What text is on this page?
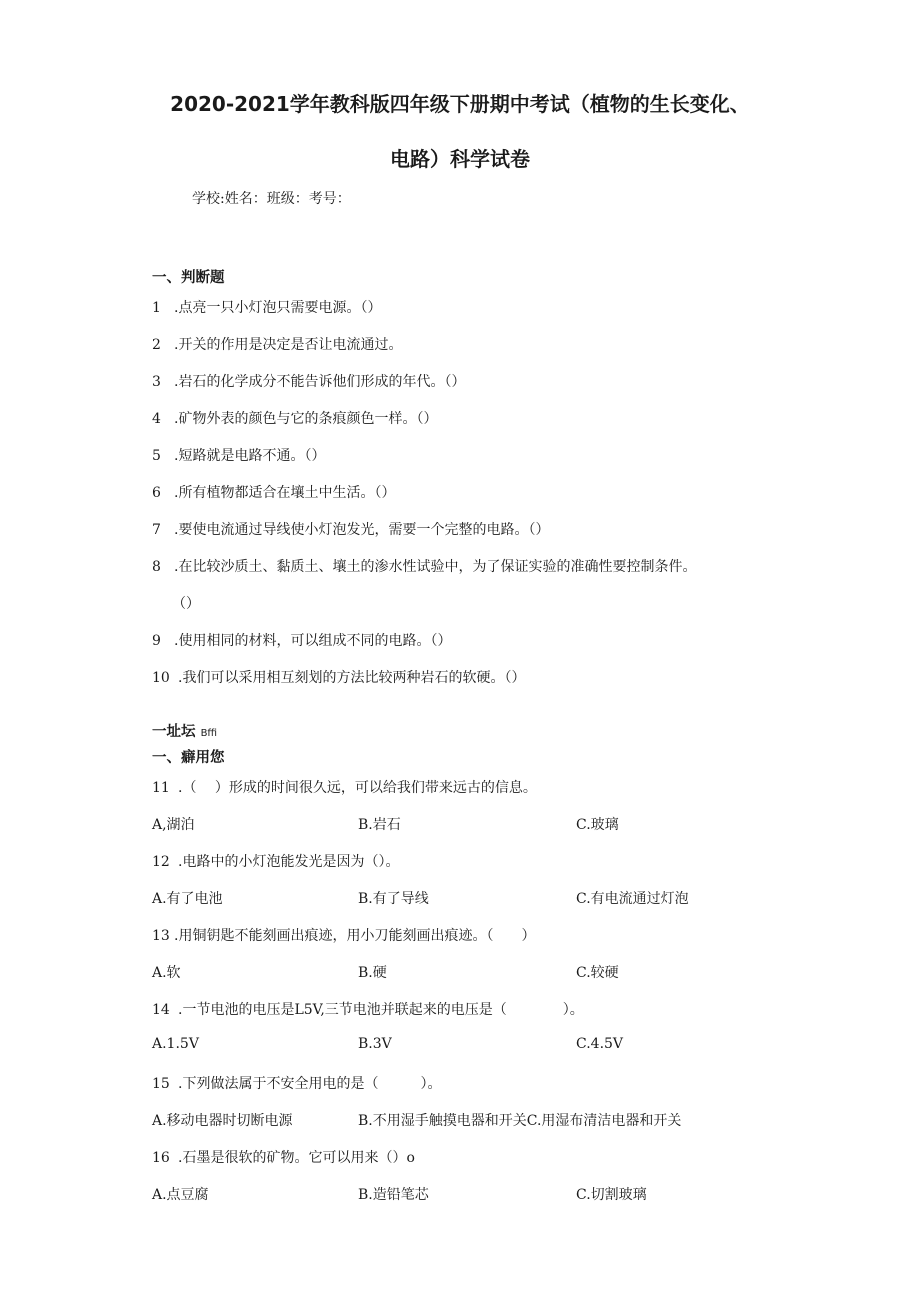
2020-2021学年教科版四年级下册期中考试（植物的生长变化、
电路）科学试卷
学校:姓名：班级：考号：
一、判断题
1 .点亮一只小灯泡只需要电源。（）
2 .开关的作用是决定是否让电流通过。
3 .岩石的化学成分不能告诉他们形成的年代。（）
4 .矿物外表的颜色与它的条痕颜色一样。（）
5 .短路就是电路不通。（）
6 .所有植物都适合在壤土中生活。（）
7 .要使电流通过导线使小灯泡发光，需要一个完整的电路。（）
8 .在比较沙质土、黏质土、壤土的渗水性试验中，为了保证实验的准确性要控制条件。
（）
9 .使用相同的材料，可以组成不同的电路。（）
10 .我们可以采用相互刻划的方法比较两种岩石的软硬。（）
一址坛 Bffi
一、癖用您
11 .（　 ）形成的时间很久远，可以给我们带来远古的信息。
A,湖泊	B.岩石	C.玻璃
12 .电路中的小灯泡能发光是因为（）。
A.有了电池	B.有了导线	C.有电流通过灯泡
13 .用铜钥匙不能刻画出痕迹，用小刀能刻画出痕迹。（　　）
A.软	B.硬	C.较硬
14 .一节电池的电压是L5V,三节电池并联起来的电压是（　　　　）。
A.1.5V	B.3V	C.4.5V
15 .下列做法属于不安全用电的是（　　　）。
A.移动电器时切断电源	B.不用湿手触摸电器和开关C.用湿布清洁电器和开关
16 .石墨是很软的矿物。它可以用来（）o
A.点豆腐	B.造铅笔芯	C.切割玻璃
